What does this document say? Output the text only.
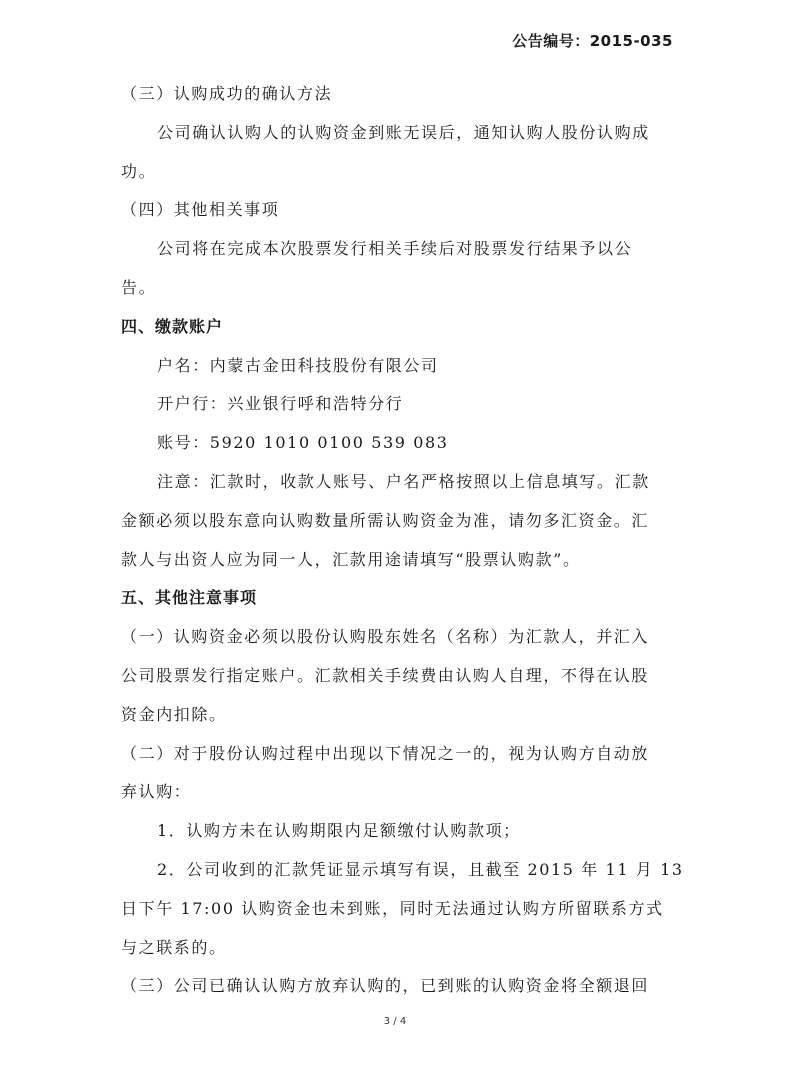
公告编号：2015-035
（三）认购成功的确认方法
公司确认认购人的认购资金到账无误后，通知认购人股份认购成
功。
（四）其他相关事项
公司将在完成本次股票发行相关手续后对股票发行结果予以公
告。
四、缴款账户
户名：内蒙古金田科技股份有限公司
开户行：兴业银行呼和浩特分行
账号：5920 1010 0100 539 083
注意：汇款时，收款人账号、户名严格按照以上信息填写。汇款
金额必须以股东意向认购数量所需认购资金为准，请勿多汇资金。汇
款人与出资人应为同一人，汇款用途请填写“股票认购款”。
五、其他注意事项
（一）认购资金必须以股份认购股东姓名（名称）为汇款人，并汇入
公司股票发行指定账户。汇款相关手续费由认购人自理，不得在认股
资金内扣除。
（二）对于股份认购过程中出现以下情况之一的，视为认购方自动放
弃认购：
1．认购方未在认购期限内足额缴付认购款项；
2．公司收到的汇款凭证显示填写有误，且截至 2015 年 11 月 13
日下午 17:00 认购资金也未到账，同时无法通过认购方所留联系方式
与之联系的。
（三）公司已确认认购方放弃认购的，已到账的认购资金将全额退回
3 / 4
